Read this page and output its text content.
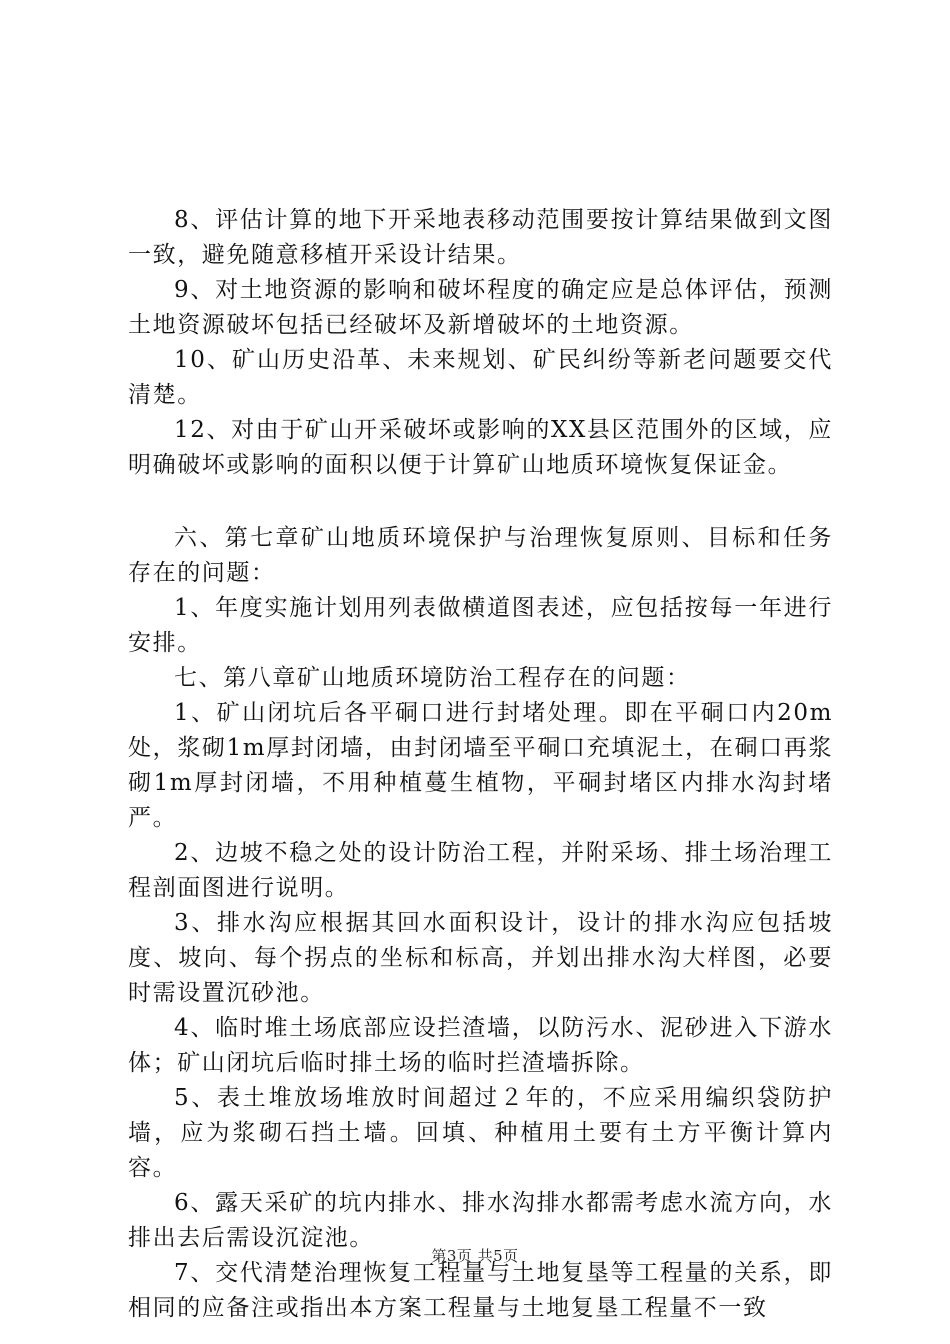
8、评估计算的地下开采地表移动范围要按计算结果做到文图一致，避免随意移植开采设计结果。

9、对土地资源的影响和破坏程度的确定应是总体评估，预测土地资源破坏包括已经破坏及新增破坏的土地资源。

10、矿山历史沿革、未来规划、矿民纠纷等新老问题要交代清楚。

12、对由于矿山开采破坏或影响的XX县区范围外的区域，应明确破坏或影响的面积以便于计算矿山地质环境恢复保证金。

六、第七章矿山地质环境保护与治理恢复原则、目标和任务存在的问题：

1、年度实施计划用列表做横道图表述，应包括按每一年进行安排。

七、第八章矿山地质环境防治工程存在的问题：

1、矿山闭坑后各平硐口进行封堵处理。即在平硐口内20m处，浆砌1m厚封闭墙，由封闭墙至平硐口充填泥土，在硐口再浆砌1m厚封闭墙，不用种植蔓生植物，平硐封堵区内排水沟封堵严。

2、边坡不稳之处的设计防治工程，并附采场、排土场治理工程剖面图进行说明。

3、排水沟应根据其回水面积设计，设计的排水沟应包括坡度、坡向、每个拐点的坐标和标高，并划出排水沟大样图，必要时需设置沉砂池。

4、临时堆土场底部应设拦渣墙，以防污水、泥砂进入下游水体；矿山闭坑后临时排土场的临时拦渣墙拆除。

5、表土堆放场堆放时间超过２年的，不应采用编织袋防护墙，应为浆砌石挡土墙。回填、种植用土要有土方平衡计算内容。

6、露天采矿的坑内排水、排水沟排水都需考虑水流方向，水排出去后需设沉淀池。

7、交代清楚治理恢复工程量与土地复垦等工程量的关系，即相同的应备注或指出本方案工程量与土地复垦工程量不一致

第3页 共5页
